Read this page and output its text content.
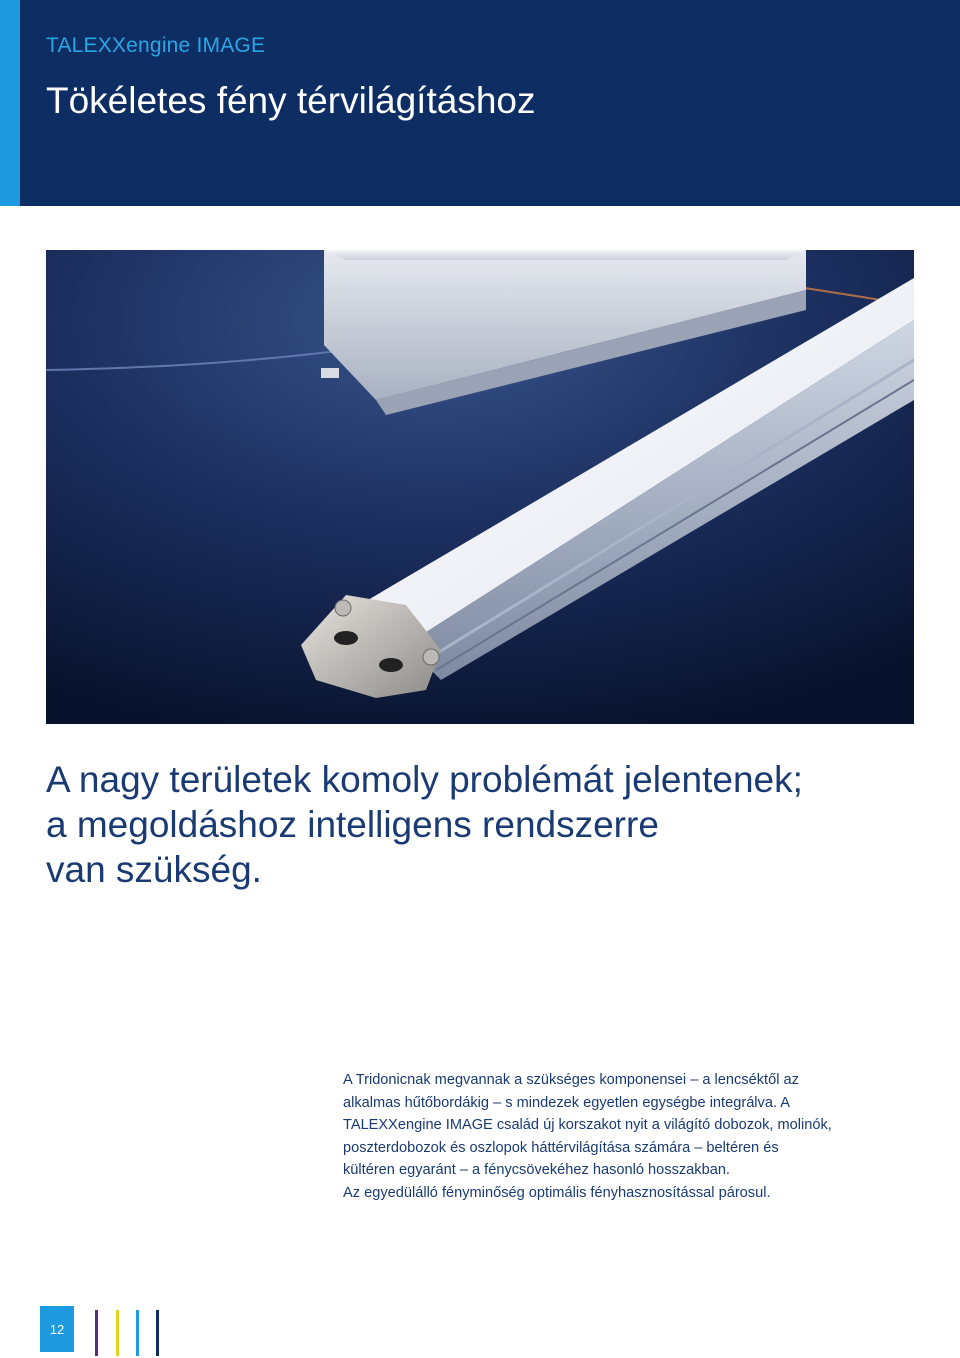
TALEXXengine IMAGE
Tökéletes fény térvilágításhoz
A nagy területek komoly problémát jelentenek;
a megoldáshoz intelligens rendszerre
van szükség.
A Tridonicnak megvannak a szükséges komponensei – a lencséktől az
alkalmas hűtőbordákig – s mindezek egyetlen egységbe integrálva. A
TALEXXengine IMAGE család új korszakot nyit a világító dobozok, molinók,
poszterdobozok és oszlopok háttérvilágítása számára – beltéren és
kültéren egyaránt – a fénycsövekéhez hasonló hosszakban.
Az egyedülálló fényminőség optimális fényhasznosítással párosul.
12
